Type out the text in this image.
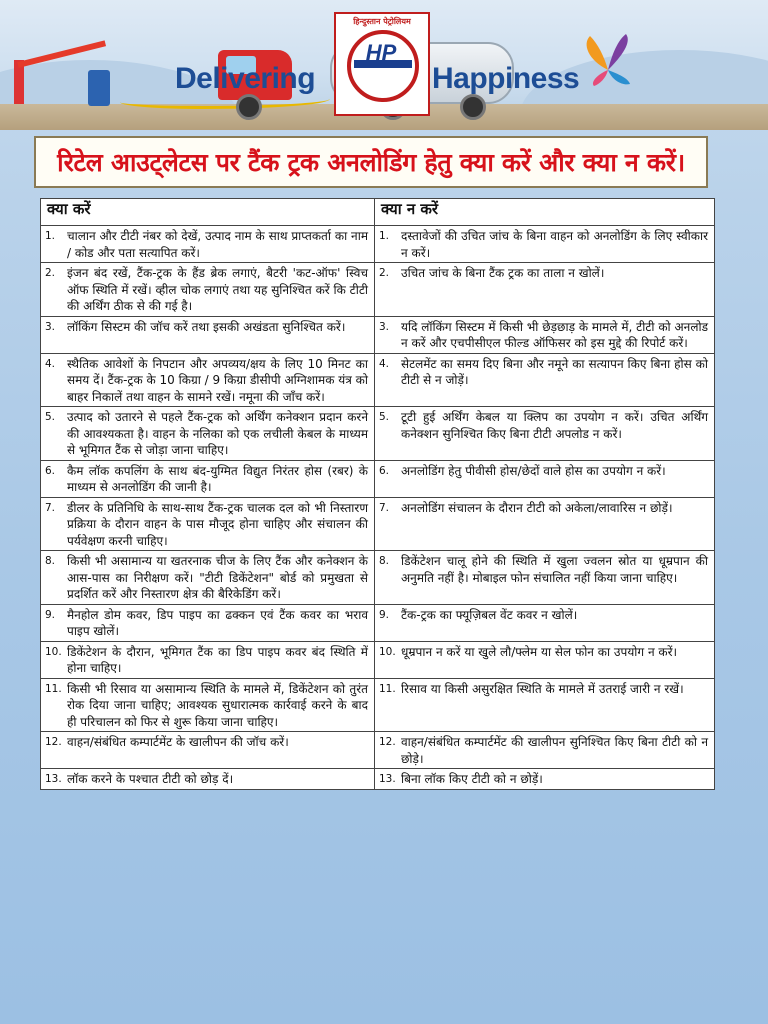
Delivering	Happiness
हिन्दुस्तान पेट्रोलियम
HP
रिटेल आउट्लेटस पर टैंक ट्रक अनलोडिंग हेतु क्या करें और क्या न करें।
क्या करें	क्या न करें

1. चालान और टीटी नंबर को देखें, उत्पाद नाम के साथ प्राप्तकर्ता का नाम / कोड और पता सत्यापित करें।	1. दस्तावेजों की उचित जांच के बिना वाहन को अनलोडिंग के लिए स्वीकार न करें।

2. इंजन बंद रखें, टैंक-ट्रक के हैंड ब्रेक लगाएं, बैटरी 'कट-ऑफ' स्विच ऑफ स्थिति में रखें। व्हील चोक लगाएं तथा यह सुनिश्चित करें कि टीटी की अर्थिंग ठीक से की गई है।	2. उचित जांच के बिना टैंक ट्रक का ताला न खोलें।

3. लॉकिंग सिस्टम की जॉच करें तथा इसकी अखंडता सुनिश्चित करें।	3. यदि लॉकिंग सिस्टम में किसी भी छेड़छाड़ के मामले में, टीटी को अनलोड न करें और एचपीसीएल फील्ड ऑफिसर को इस मुद्दे की रिपोर्ट करें।

4. स्थैतिक आवेशों के निपटान और अपव्यय/क्षय के लिए 10 मिनट का समय दें। टैंक-ट्रक के 10 किग्रा / 9 किग्रा डीसीपी अग्निशामक यंत्र को बाहर निकालें तथा वाहन के सामने रखें। नमूना की जाँच करें।	4. सेटलमेंट का समय दिए बिना और नमूने का सत्यापन किए बिना होस को टीटी से न जोड़ें।

5. उत्पाद को उतारने से पहले टैंक-ट्रक को अर्थिंग कनेक्शन प्रदान करने की आवश्यकता है। वाहन के नलिका को एक लचीली केबल के माध्यम से भूमिगत टैंक से जोड़ा जाना चाहिए।	5. टूटी हुई अर्थिंग केबल या क्लिप का उपयोग न करें। उचित अर्थिंग कनेक्शन सुनिश्चित किए बिना टीटी अपलोड न करें।

6. कैम लॉक कपलिंग के साथ बंद-युग्मित विद्युत निरंतर होस (रबर) के माध्यम से अनलोडिंग की जानी है।	6. अनलोडिंग हेतु पीवीसी होस/छेदों वाले होस का उपयोग न करें।

7. डीलर के प्रतिनिधि के साथ-साथ टैंक-ट्रक चालक दल को भी निस्तारण प्रक्रिया के दौरान वाहन के पास मौजूद होना चाहिए और संचालन की पर्यवेक्षण करनी चाहिए।	7. अनलोडिंग संचालन के दौरान टीटी को अकेला/लावारिस न छोड़ें।

8. किसी भी असामान्य या खतरनाक चीज के लिए टैंक और कनेक्शन के आस-पास का निरीक्षण करें। "टीटी डिकेंटेशन" बोर्ड को प्रमुखता से प्रदर्शित करें और निस्तारण क्षेत्र की बैरिकेडिंग करें।	8. डिकेंटेशन चालू होने की स्थिति में खुला ज्वलन स्रोत या धूम्रपान की अनुमति नहीं है। मोबाइल फोन संचालित नहीं किया जाना चाहिए।

9. मैनहोल डोम कवर, डिप पाइप का ढक्कन एवं टैंक कवर का भराव पाइप खोलें।	9. टैंक-ट्रक का फ्यूज़िबल वेंट कवर न खोलें।

10. डिकेंटेशन के दौरान, भूमिगत टैंक का डिप पाइप कवर बंद स्थिति में होना चाहिए।	10. धूम्रपान न करें या खुले लौ/फ्लेम या सेल फोन का उपयोग न करें।

11. किसी भी रिसाव या असामान्य स्थिति के मामले में, डिकेंटेशन को तुरंत रोक दिया जाना चाहिए; आवश्यक सुधारात्मक कार्रवाई करने के बाद ही परिचालन को फिर से शुरू किया जाना चाहिए।	11. रिसाव या किसी असुरक्षित स्थिति के मामले में उतराई जारी न रखें।

12. वाहन/संबंधित कम्पार्टमेंट के खालीपन की जॉच करें।	12. वाहन/संबंधित कम्पार्टमेंट की खालीपन सुनिश्चित किए बिना टीटी को न छोड़े।

13. लॉक करने के पश्चात टीटी को छोड़ दें।	13. बिना लॉक किए टीटी को न छोड़ें।
